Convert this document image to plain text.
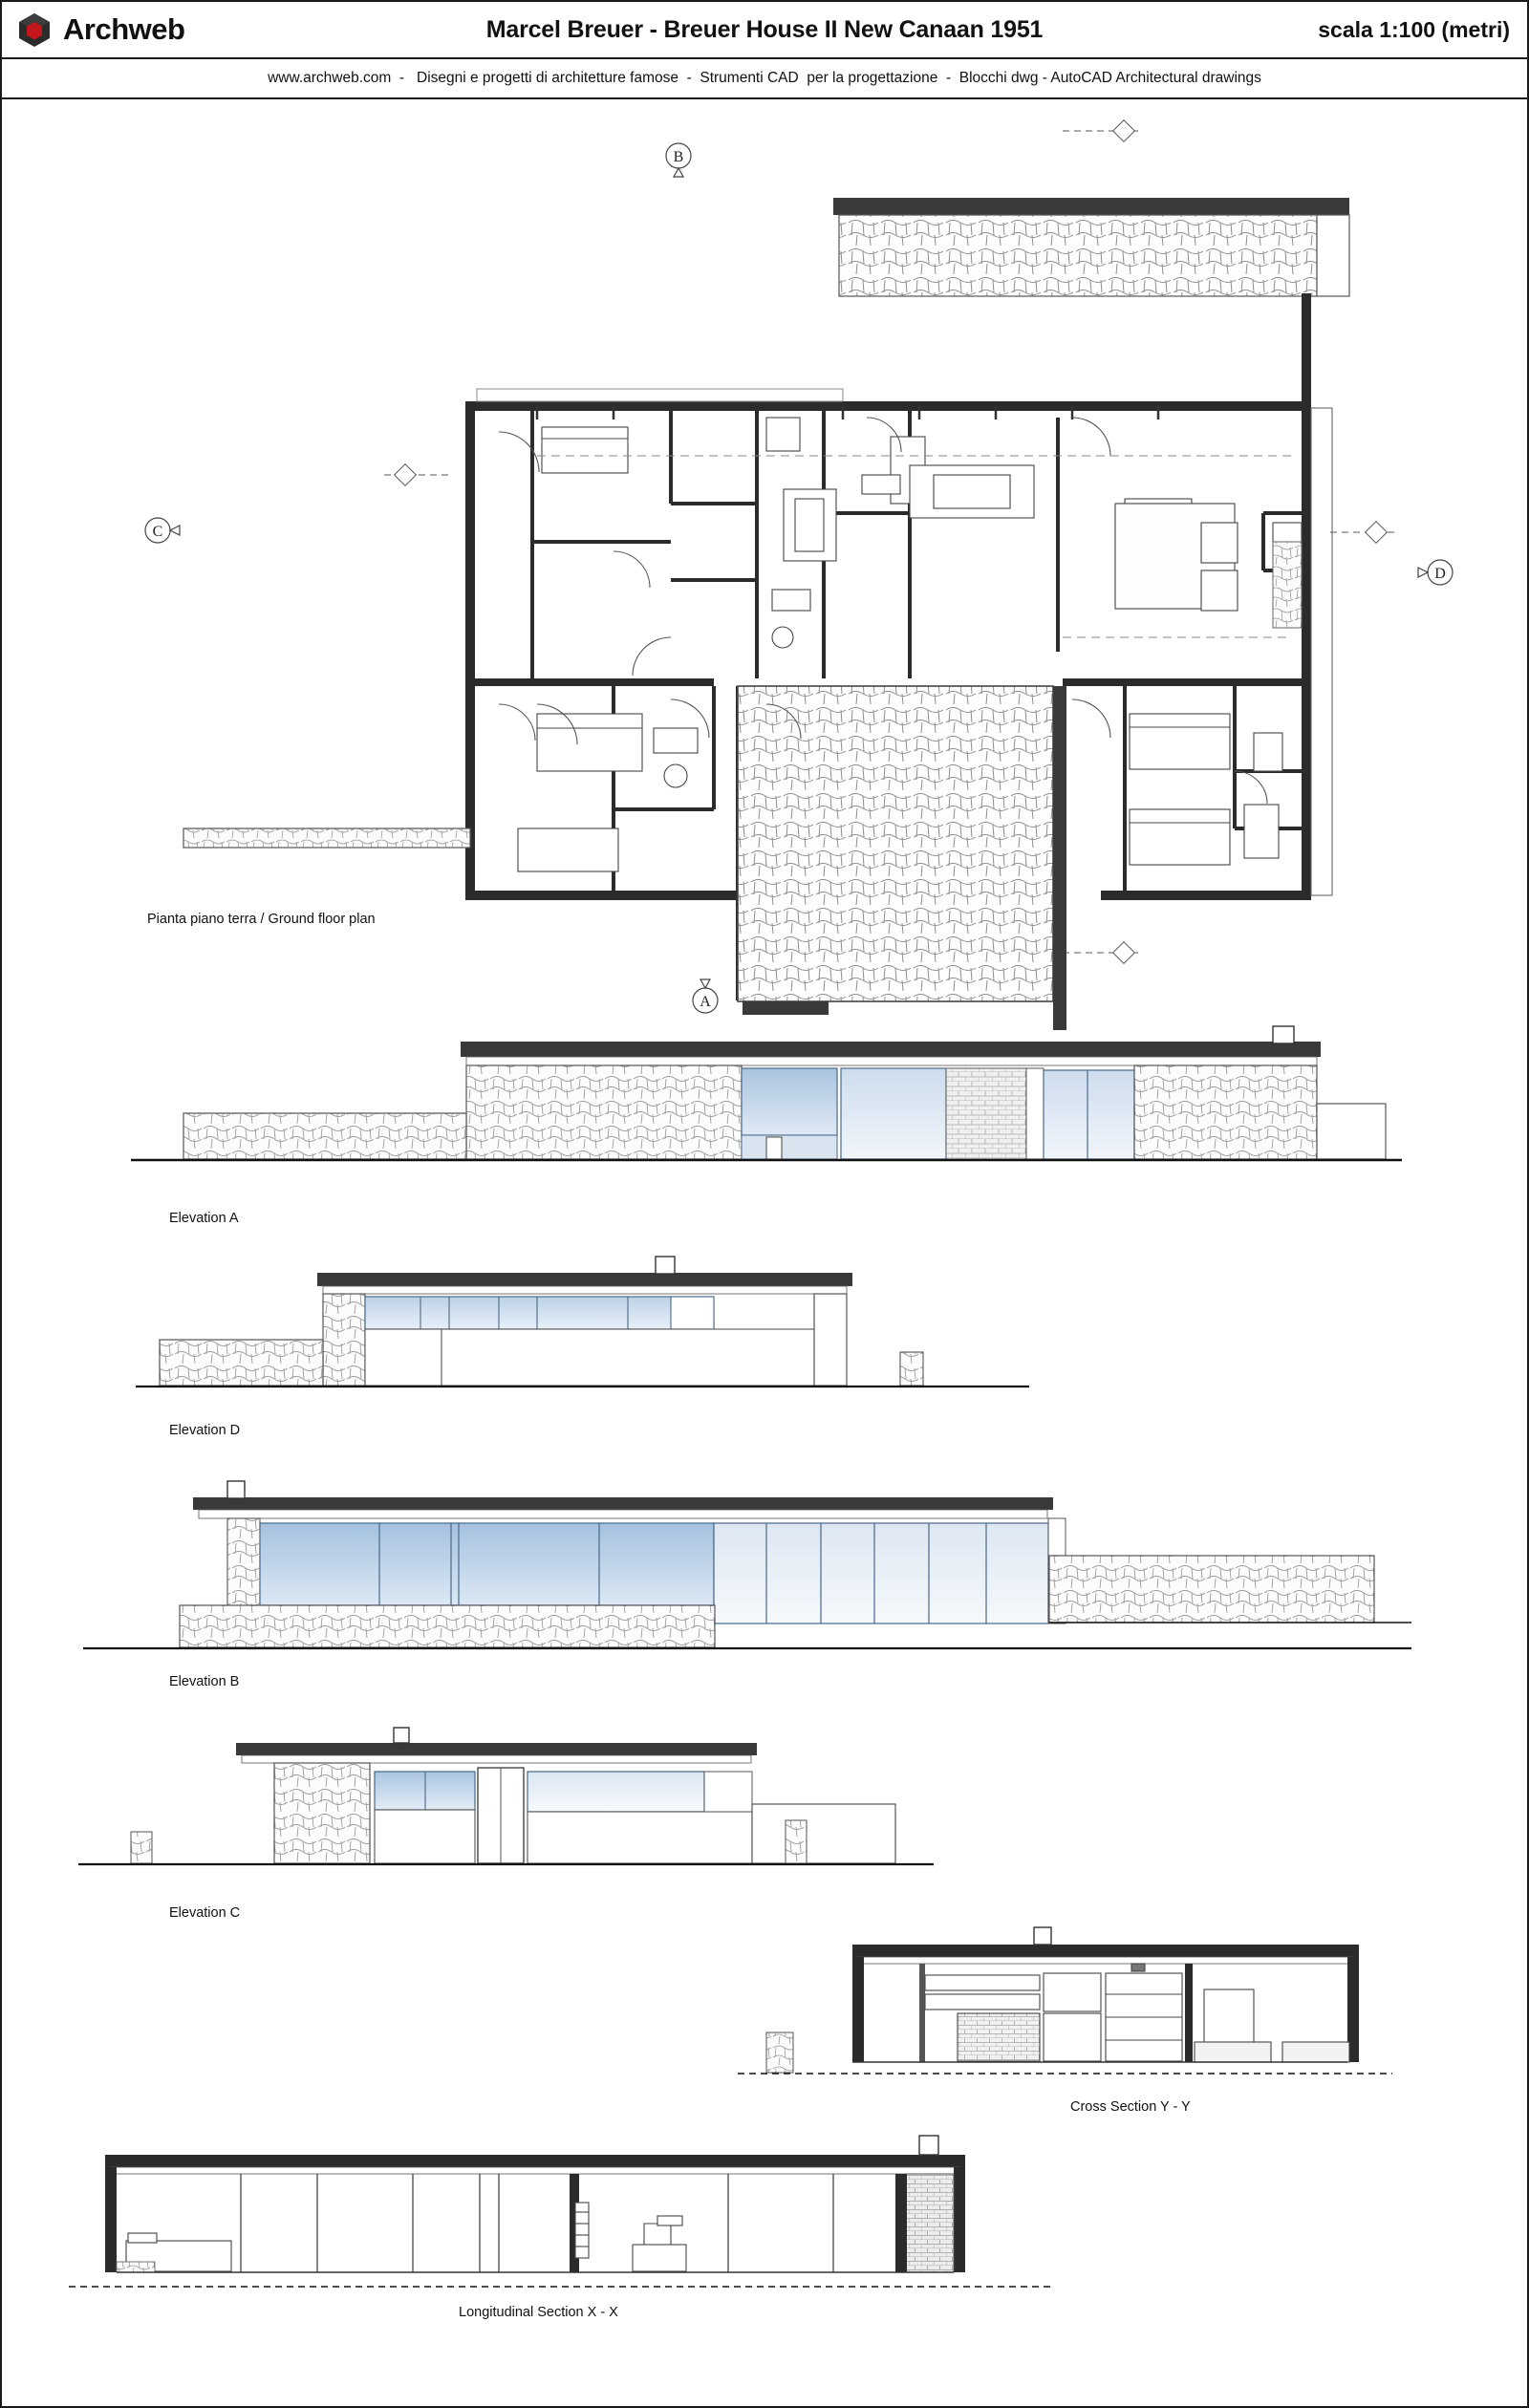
Archweb	Marcel Breuer - Breuer House II New Canaan 1951	scala 1:100 (metri)
www.archweb.com  -   Disegni e progetti di architetture famose  -  Strumenti CAD  per la progettazione  -  Blocchi dwg - AutoCAD Architectural drawings
B
C
D
A
Pianta piano terra / Ground floor plan
Elevation A
Elevation D
Elevation B
Elevation C
Cross Section Y - Y
Longitudinal Section X - X
